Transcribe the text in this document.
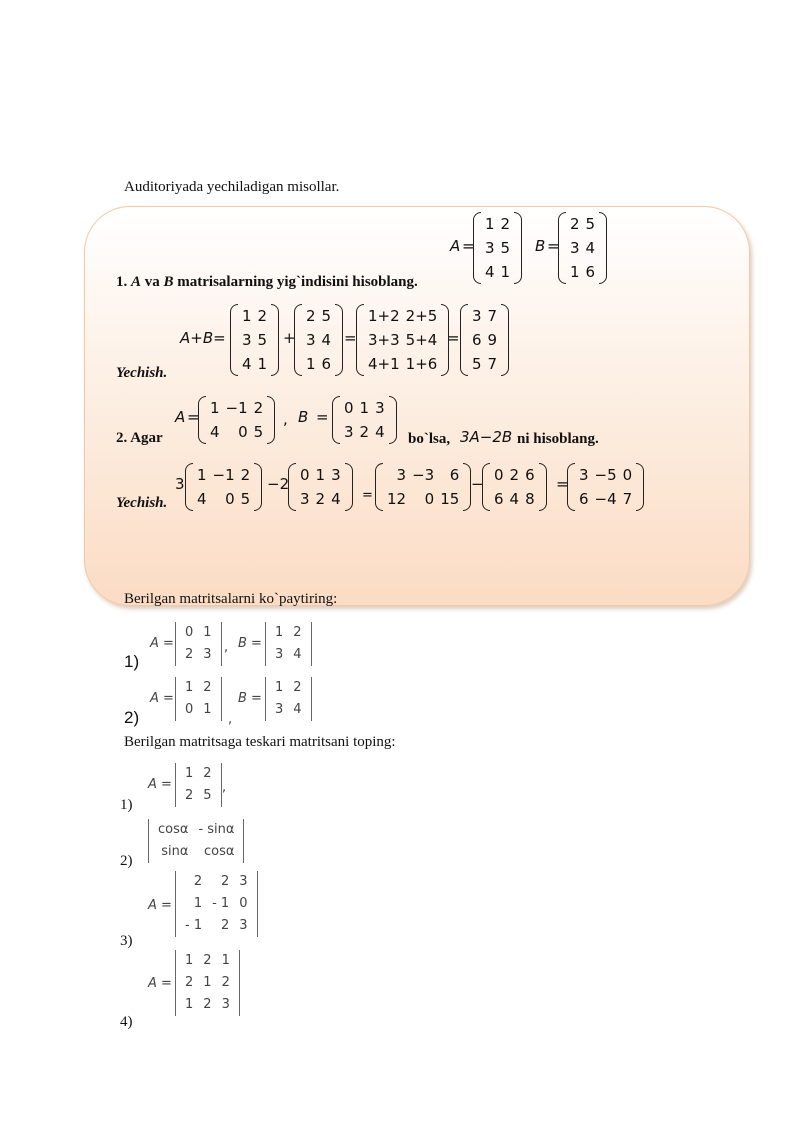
Auditoriyada yechiladigan misollar.
A =
1	2
3	5
4	1
B =
2	5
3	4
1	6
1. A va B matrisalarning yig`indisini hisoblang.
A+B=
1	2
3	5
4	1
+
2	5
3	4
1	6
=
1+2	2+5
3+3	5+4
4+1	1+6
=
3	7
6	9
5	7
Yechish.
A = 1	−1	2
4	0	5
, B = 0	1	3
3	2	4
2. Agar	bo`lsa, 3A−2B ni hisoblang.
3 1	−1	2
4	0	5
−2 0	1	3
3	2	4 =
3	−3	6
12	0	15
− 0	2	6
6	4	8
= 3	−5	0
6	−4	7
Yechish.
Berilgan matritsalarni ko`paytiring:
1)
A =
0	1
2	3 , B =
1	2
3	4
2)
A =
1	2
0	1
,
B =
1	2
3	4
Berilgan matritsaga teskari matritsani toping:
1)
A =
1	2
2	5
,
2)
cosα	- sinα
sinα	cosα
3)
A =
2	2	3
1	- 1	0
- 1	2	3
4)
A =
1	2	1
2	1	2
1	2	3
